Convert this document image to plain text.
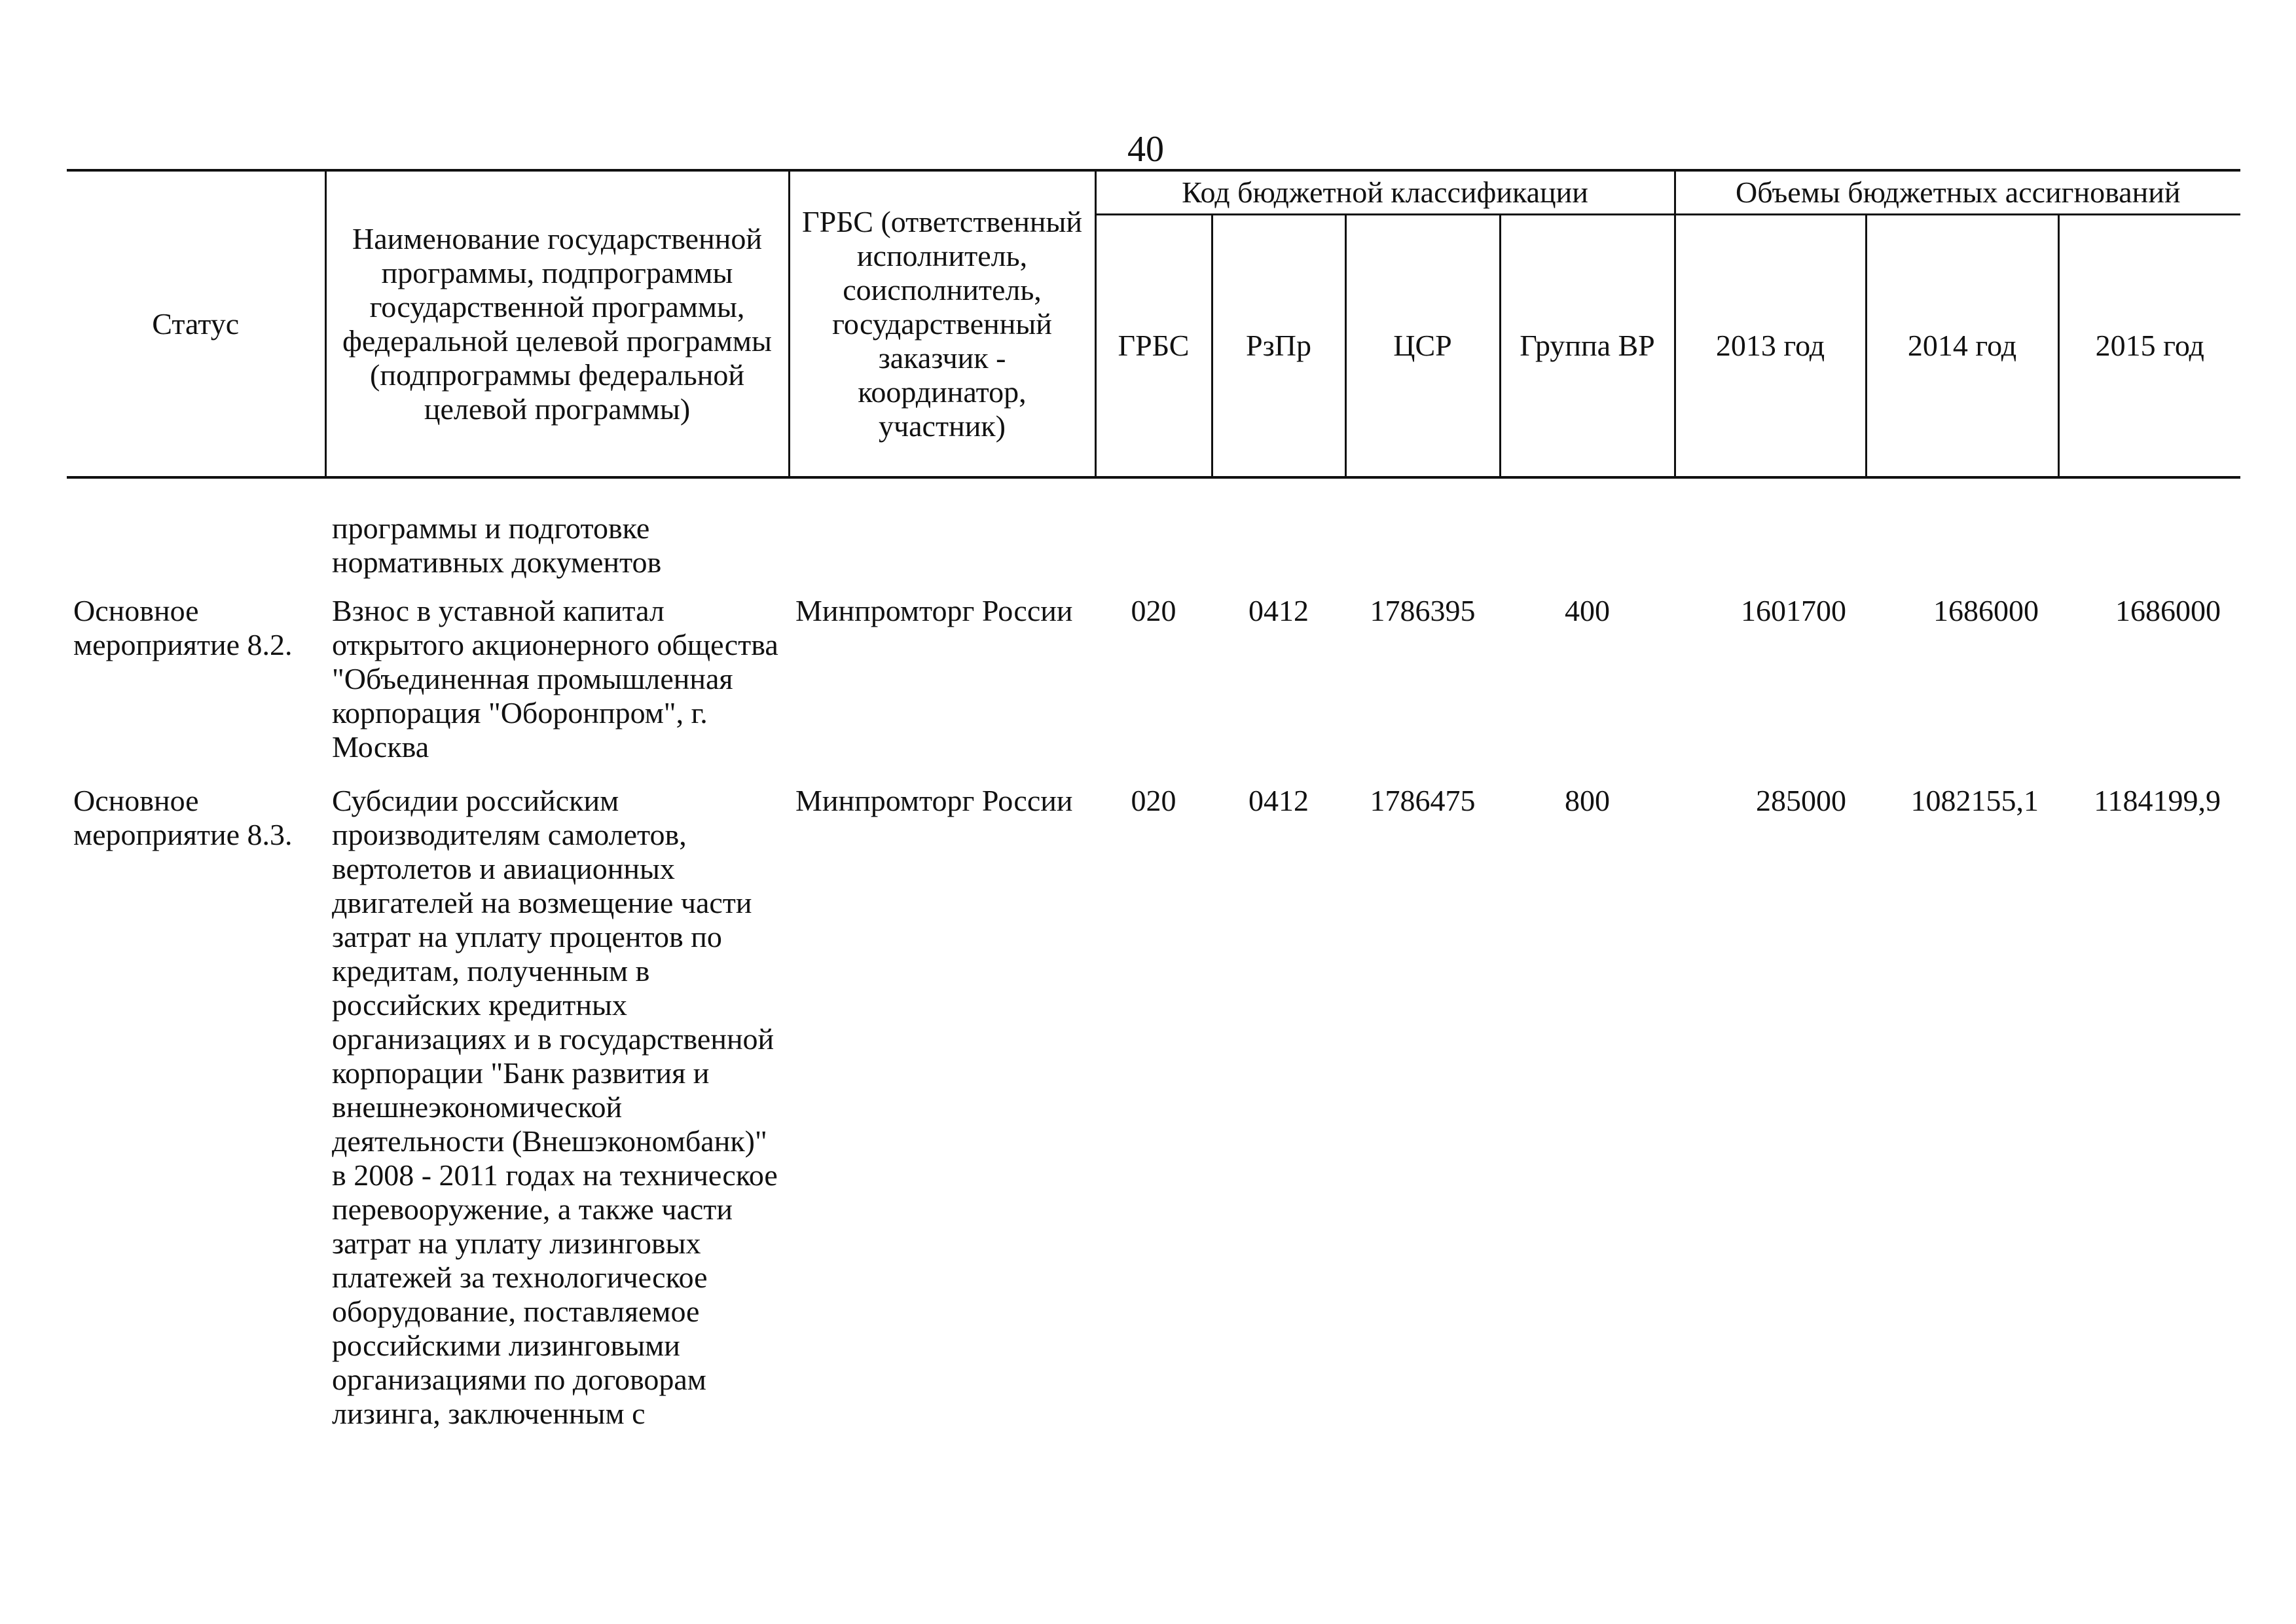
40
Статус	Наименование государственной программы, подпрограммы государственной программы, федеральной целевой программы (подпрограммы федеральной целевой программы)	ГРБС (ответственный исполнитель, соисполнитель, государственный заказчик - координатор, участник)	Код бюджетной классификации				Объемы бюджетных ассигнований		
			ГРБС	РзПр	ЦСР	Группа ВР	2013 год	2014 год	2015 год
	программы и подготовке нормативных документов								
Основное мероприятие 8.2.	Взнос в уставной капитал открытого акционерного общества "Объединенная промышленная корпорация "Оборонпром", г. Москва	Минпромторг России	020	0412	1786395	400	1601700	1686000	1686000
Основное мероприятие 8.3.	Субсидии российским производителям самолетов, вертолетов и авиационных двигателей на возмещение части затрат на уплату процентов по кредитам, полученным в российских кредитных организациях и в государственной корпорации "Банк развития и внешнеэкономической деятельности (Внешэкономбанк)" в 2008 - 2011 годах на техническое перевооружение, а также части затрат на уплату лизинговых платежей за технологическое оборудование, поставляемое российскими лизинговыми организациями по договорам лизинга, заключенным с	Минпромторг России	020	0412	1786475	800	285000	1082155,1	1184199,9
